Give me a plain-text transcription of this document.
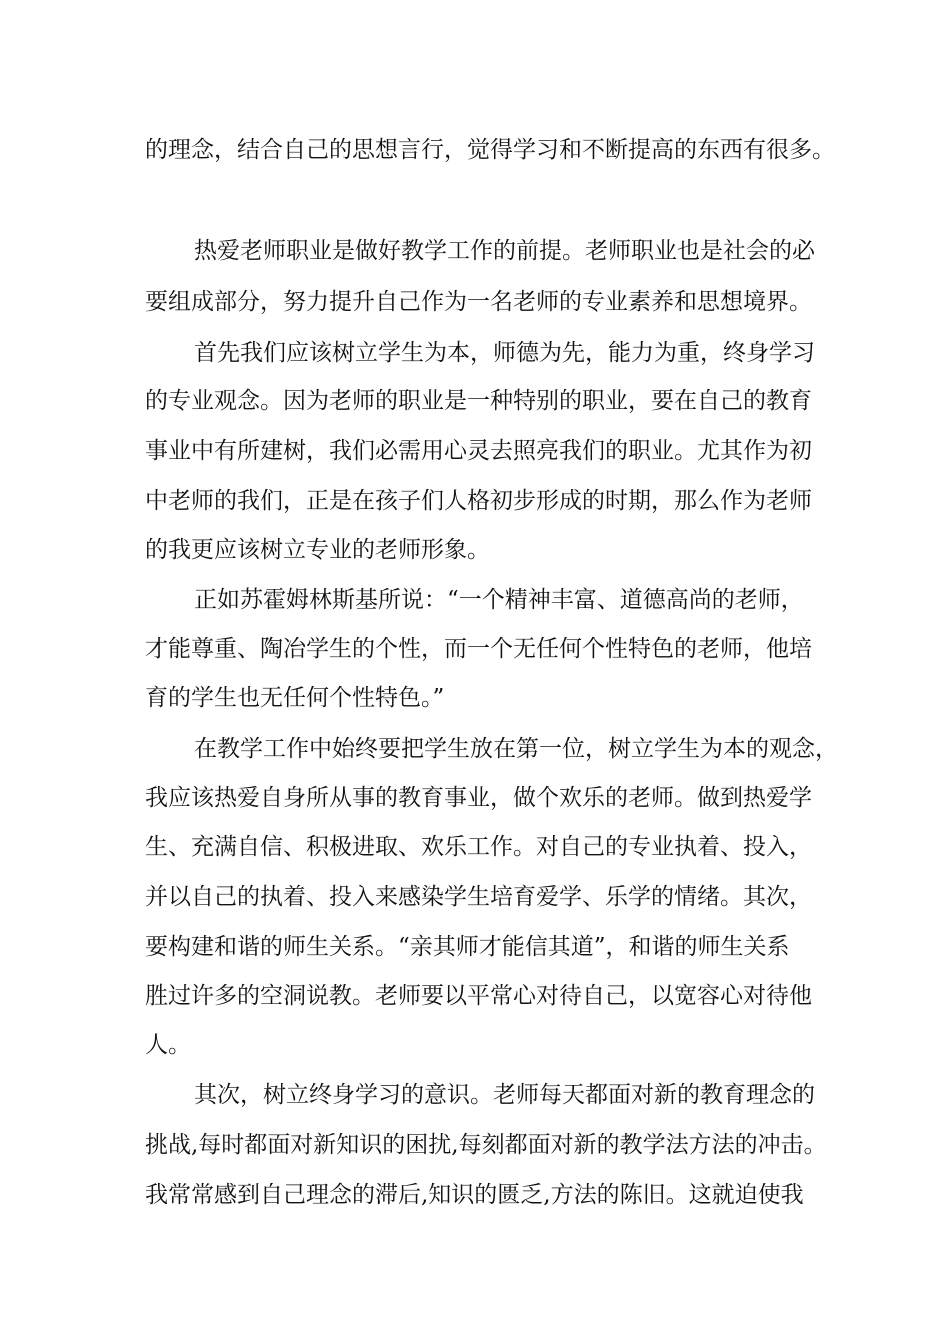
的理念，结合自己的思想言行，觉得学习和不断提高的东西有很多。
热爱老师职业是做好教学工作的前提。老师职业也是社会的必
要组成部分，努力提升自己作为一名老师的专业素养和思想境界。
首先我们应该树立学生为本，师德为先，能力为重，终身学习
的专业观念。因为老师的职业是一种特别的职业，要在自己的教育
事业中有所建树，我们必需用心灵去照亮我们的职业。尤其作为初
中老师的我们，正是在孩子们人格初步形成的时期，那么作为老师
的我更应该树立专业的老师形象。
正如苏霍姆林斯基所说：“一个精神丰富、道德高尚的老师，
才能尊重、陶冶学生的个性，而一个无任何个性特色的老师，他培
育的学生也无任何个性特色。”
在教学工作中始终要把学生放在第一位，树立学生为本的观念，
我应该热爱自身所从事的教育事业，做个欢乐的老师。做到热爱学
生、充满自信、积极进取、欢乐工作。对自己的专业执着、投入，
并以自己的执着、投入来感染学生培育爱学、乐学的情绪。其次，
要构建和谐的师生关系。“亲其师才能信其道”，和谐的师生关系
胜过许多的空洞说教。老师要以平常心对待自己，以宽容心对待他
人。
其次，树立终身学习的意识。老师每天都面对新的教育理念的
挑战,每时都面对新知识的困扰,每刻都面对新的教学法方法的冲击。
我常常感到自己理念的滞后,知识的匮乏,方法的陈旧。这就迫使我
